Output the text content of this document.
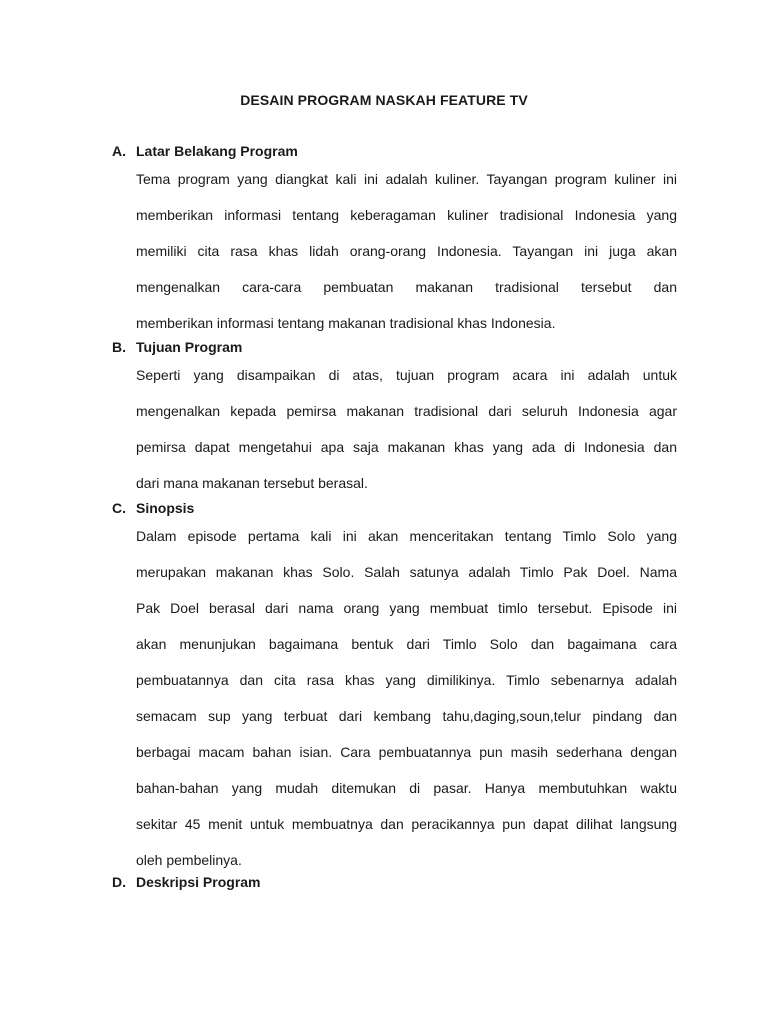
DESAIN PROGRAM NASKAH FEATURE TV
A. Latar Belakang Program
Tema program yang diangkat kali ini adalah kuliner. Tayangan program kuliner ini
memberikan informasi tentang keberagaman kuliner tradisional Indonesia yang
memiliki cita rasa khas lidah orang-orang Indonesia. Tayangan ini juga akan
mengenalkan cara-cara pembuatan makanan tradisional tersebut dan
memberikan informasi tentang makanan tradisional khas Indonesia.
B. Tujuan Program
Seperti yang disampaikan di atas, tujuan program acara ini adalah untuk
mengenalkan kepada pemirsa makanan tradisional dari seluruh Indonesia agar
pemirsa dapat mengetahui apa saja makanan khas yang ada di Indonesia dan
dari mana makanan tersebut berasal.
C. Sinopsis
Dalam episode pertama kali ini akan menceritakan tentang Timlo Solo yang
merupakan makanan khas Solo. Salah satunya adalah Timlo Pak Doel. Nama
Pak Doel berasal dari nama orang yang membuat timlo tersebut. Episode ini
akan menunjukan bagaimana bentuk dari Timlo Solo dan bagaimana cara
pembuatannya dan cita rasa khas yang dimilikinya. Timlo sebenarnya adalah
semacam sup yang terbuat dari kembang tahu,daging,soun,telur pindang dan
berbagai macam bahan isian. Cara pembuatannya pun masih sederhana dengan
bahan-bahan yang mudah ditemukan di pasar. Hanya membutuhkan waktu
sekitar 45 menit untuk membuatnya dan peracikannya pun dapat dilihat langsung
oleh pembelinya.
D. Deskripsi Program
